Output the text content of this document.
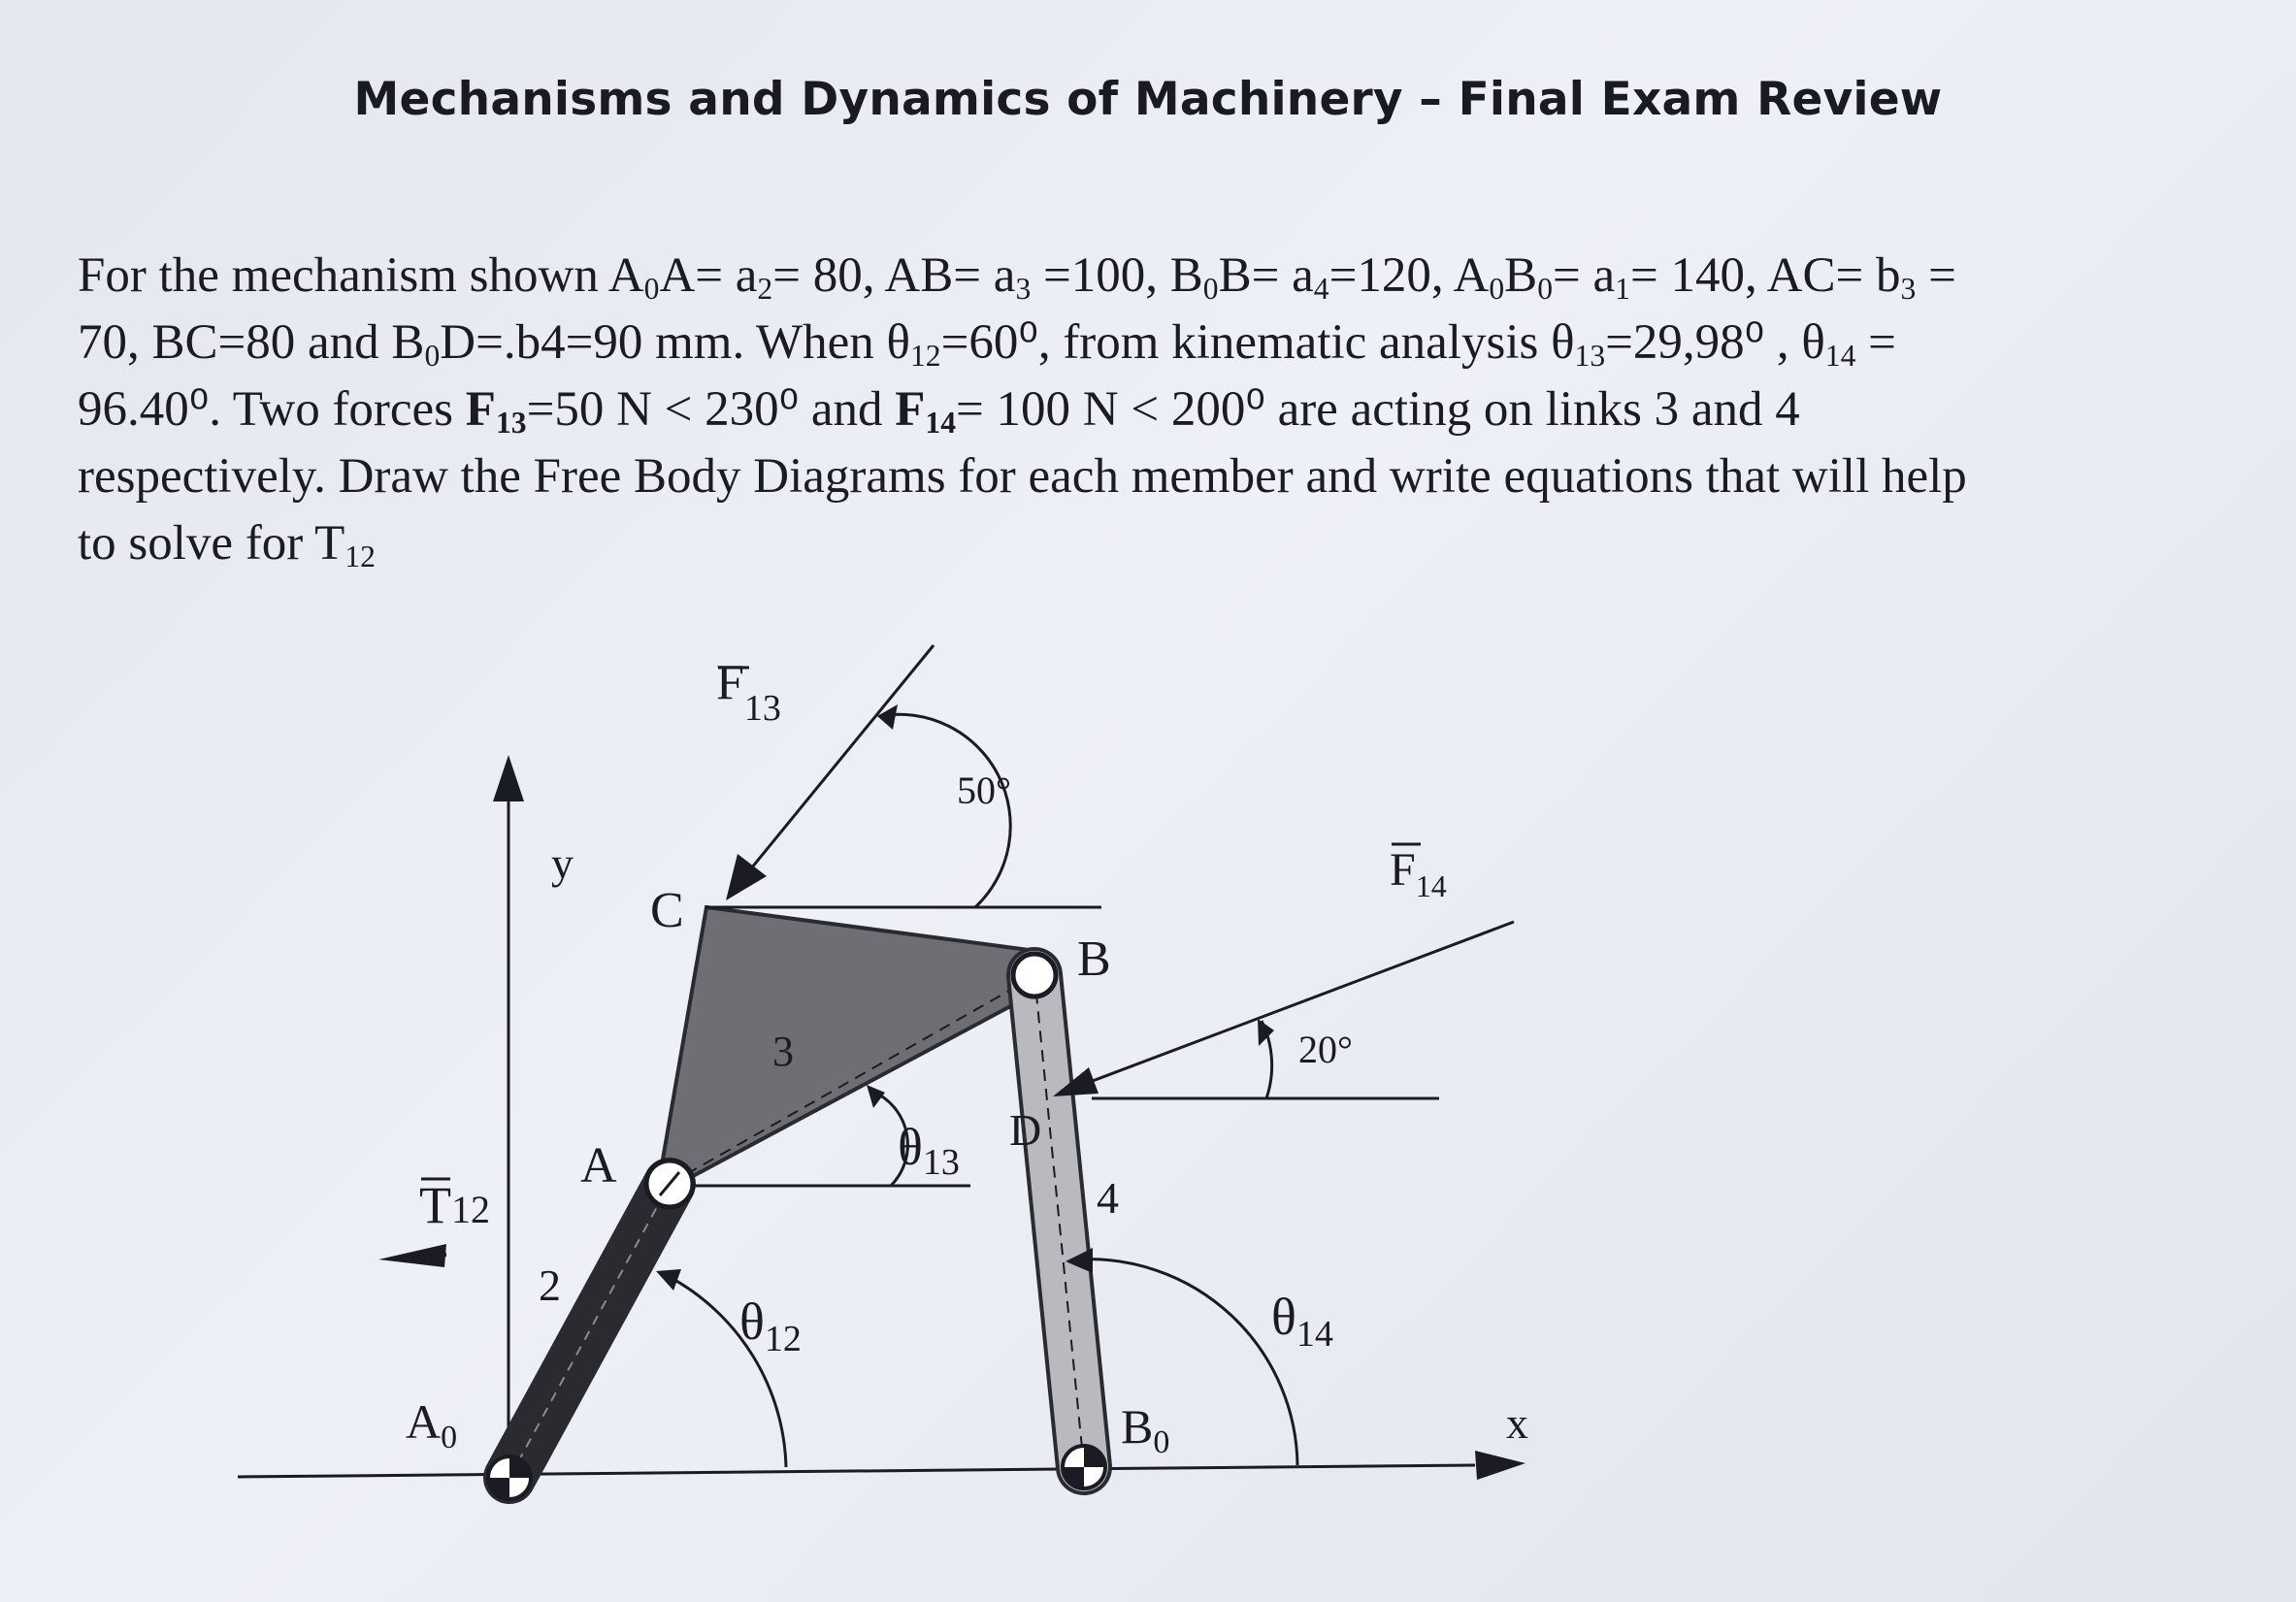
Mechanisms and Dynamics of Machinery – Final Exam Review
For the mechanism shown $A_0A= a_2= 80$, $AB= a_3 =100$, $B_0B= a_4=120$, $A_0B_0= a_1= 140$, $AC= b_3$ =
70, BC=80 and $B_0D=.b4=90$ mm. When $\theta_{12}=60^0$, from kinematic analysis $\theta_{13}=29,98^0$ , $\theta_{14}$ =
96.40⁰. Two forces $F_{13}=50$ N < 230⁰ and $F_{14}= 100$ N < 200⁰ are acting on links 3 and 4
respectively. Draw the Free Body Diagrams for each member and write equations that will help
to solve for $T_{12}$
x
y
3
2
4
$A_0$
A
C
B
D
$B_0$
$F_{13}$
50°
$F_{14}$
20°
$\theta_{12}$
θ13
$\theta_{14}$
T12
